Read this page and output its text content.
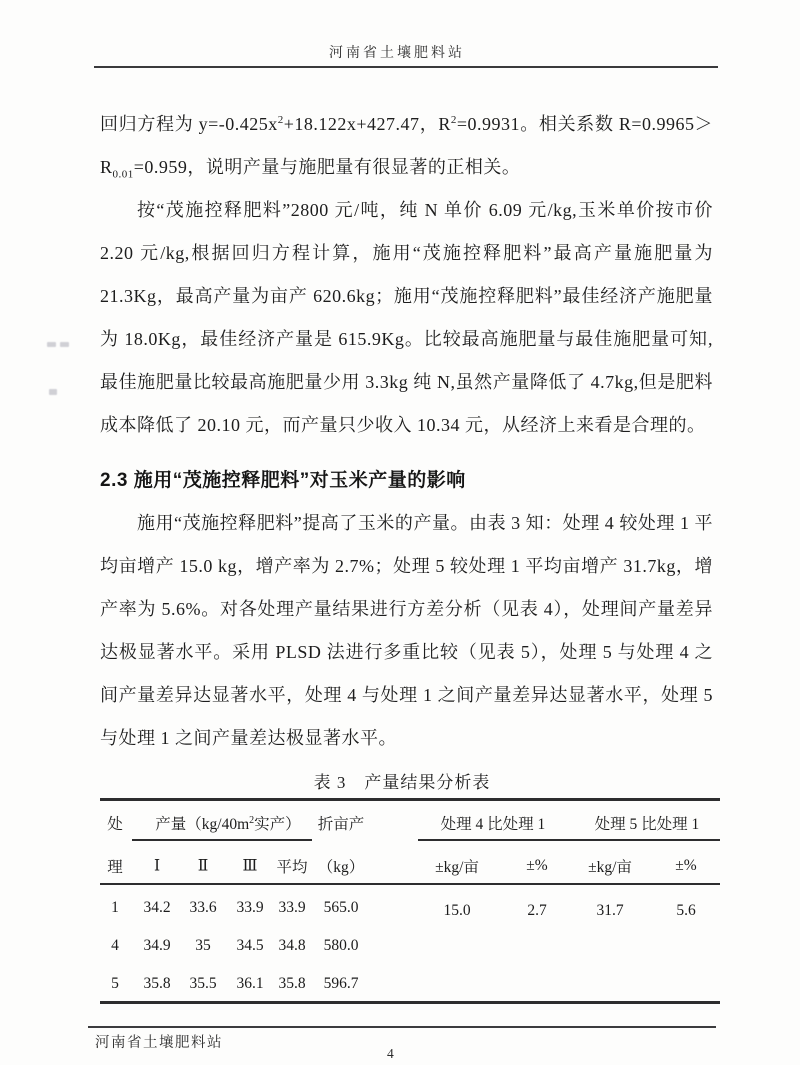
河南省土壤肥料站

回归方程为 $y=-0.425x^2+18.122x+427.47$，$R^2=0.9931$。相关系数 $R=0.9965>R_{0.01}=0.959$，说明产量与施肥量有很显著的正相关。

按“茂施控释肥料”2800 元/吨，纯 N 单价 6.09 元/kg,玉米单价按市价 2.20 元/kg,根据回归方程计算，施用“茂施控释肥料”最高产量施肥量为 21.3Kg，最高产量为亩产 620.6kg；施用“茂施控释肥料”最佳经济产施肥量为 18.0Kg，最佳经济产量是 615.9Kg。比较最高施肥量与最佳施肥量可知,最佳施肥量比较最高施肥量少用 3.3kg 纯 N,虽然产量降低了 4.7kg,但是肥料成本降低了 20.10 元，而产量只少收入 10.34 元，从经济上来看是合理的。

2.3 施用“茂施控释肥料”对玉米产量的影响

施用“茂施控释肥料”提高了玉米的产量。由表 3 知：处理 4 较处理 1 平均亩增产 15.0 kg，增产率为 2.7%；处理 5 较处理 1 平均亩增产 31.7kg，增产率为 5.6%。对各处理产量结果进行方差分析（见表 4），处理间产量差异达极显著水平。采用 PLSD 法进行多重比较（见表 5），处理 5 与处理 4 之间产量差异达显著水平，处理 4 与处理 1 之间产量差异达显著水平，处理 5 与处理 1 之间产量差达极显著水平。

表 3　产量结果分析表
处 产量（$kg/40m^2$实产） 折亩产	处理 4 比处理 1	处理 5 比处理 1
理 Ⅰ Ⅱ Ⅲ 平均 （kg）	±kg/亩	±%	±kg/亩	±%
1 34.2 33.6 33.9 33.9 565.0	15.0	2.7	31.7	5.6
4 34.9 35 34.5 34.8 580.0
5 35.8 35.5 36.1 35.8 596.7
河南省土壤肥料站
4
